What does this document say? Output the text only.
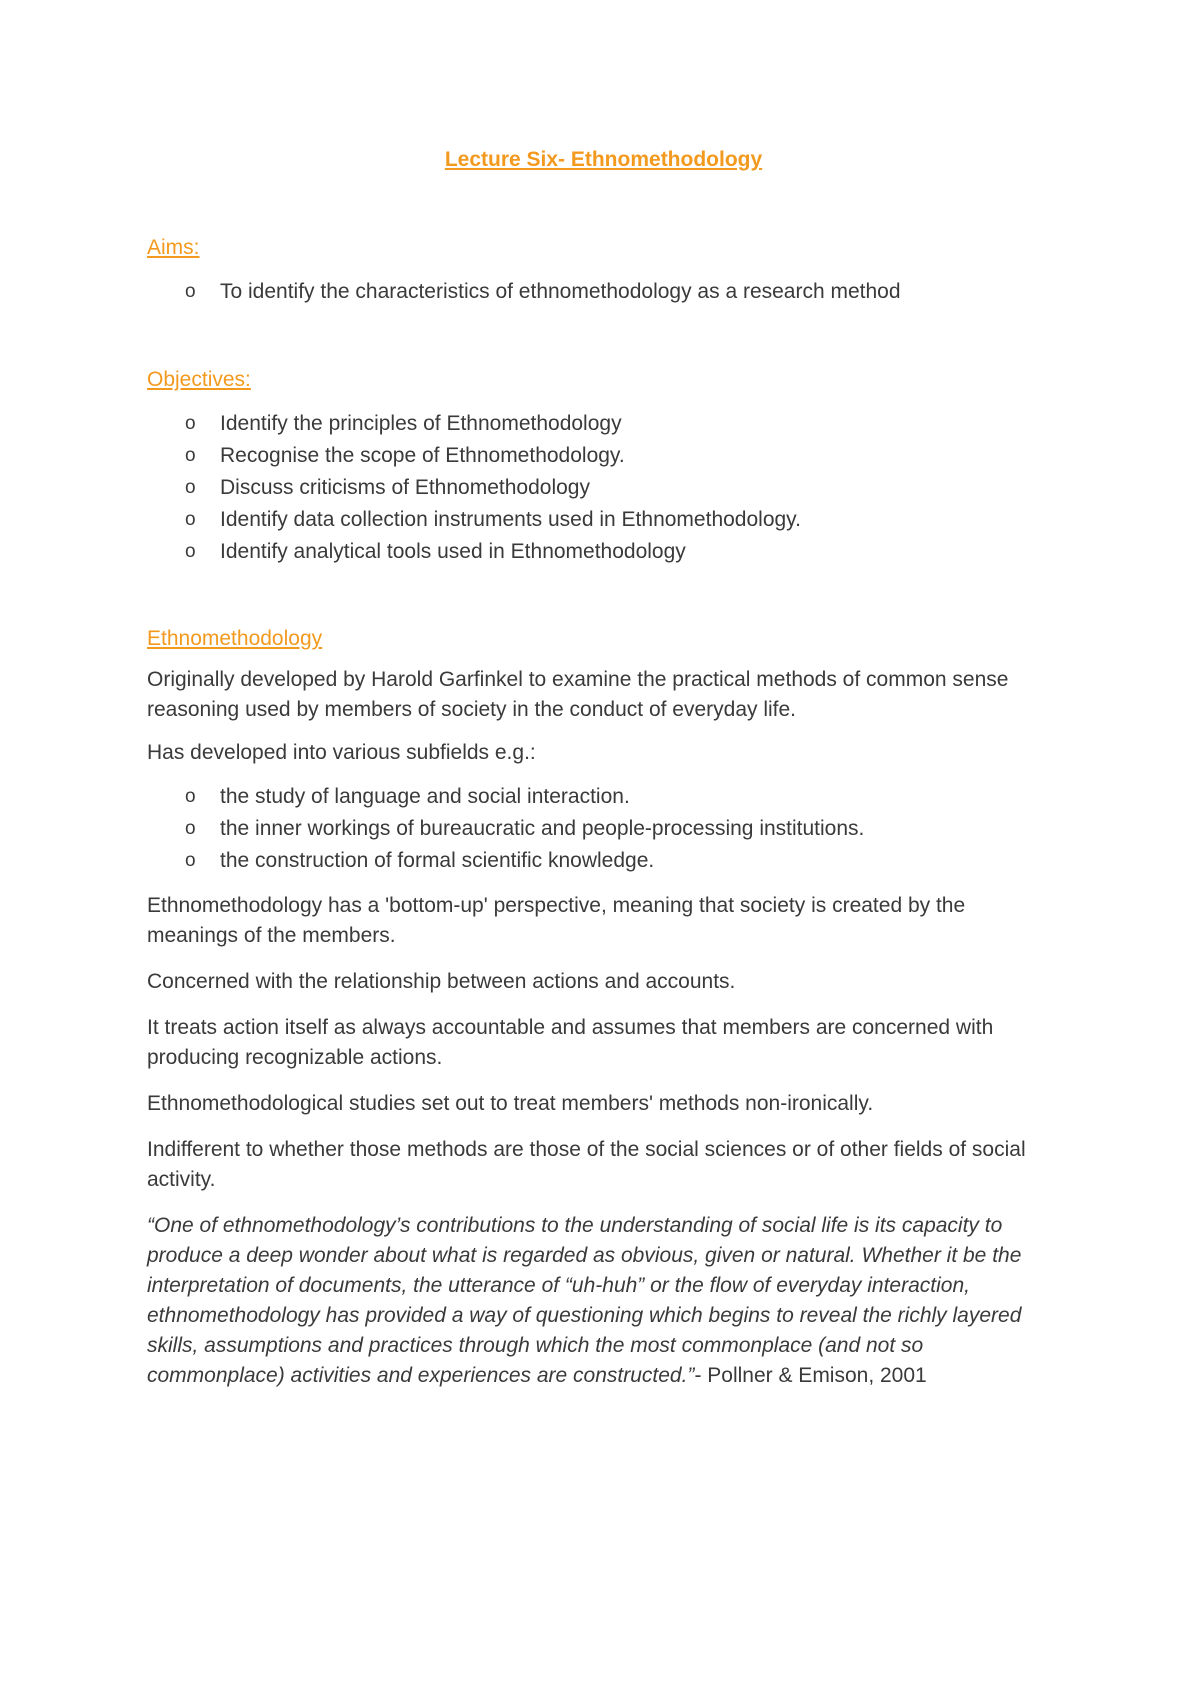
Lecture Six- Ethnomethodology
Aims:
o To identify the characteristics of ethnomethodology as a research method
Objectives:
o Identify the principles of Ethnomethodology
o Recognise the scope of Ethnomethodology.
o Discuss criticisms of Ethnomethodology
o Identify data collection instruments used in Ethnomethodology.
o Identify analytical tools used in Ethnomethodology
Ethnomethodology

Originally developed by Harold Garfinkel to examine the practical methods of common sense reasoning used by members of society in the conduct of everyday life.

Has developed into various subfields e.g.:

o the study of language and social interaction.
o the inner workings of bureaucratic and people-processing institutions.
o the construction of formal scientific knowledge.

Ethnomethodology has a 'bottom-up' perspective, meaning that society is created by the meanings of the members.

Concerned with the relationship between actions and accounts.

It treats action itself as always accountable and assumes that members are concerned with producing recognizable actions.

Ethnomethodological studies set out to treat members' methods non-ironically.

Indifferent to whether those methods are those of the social sciences or of other fields of social activity.

“One of ethnomethodology’s contributions to the understanding of social life is its capacity to produce a deep wonder about what is regarded as obvious, given or natural. Whether it be the interpretation of documents, the utterance of “uh-huh” or the flow of everyday interaction, ethnomethodology has provided a way of questioning which begins to reveal the richly layered skills, assumptions and practices through which the most commonplace (and not so commonplace) activities and experiences are constructed.”- Pollner & Emison, 2001
